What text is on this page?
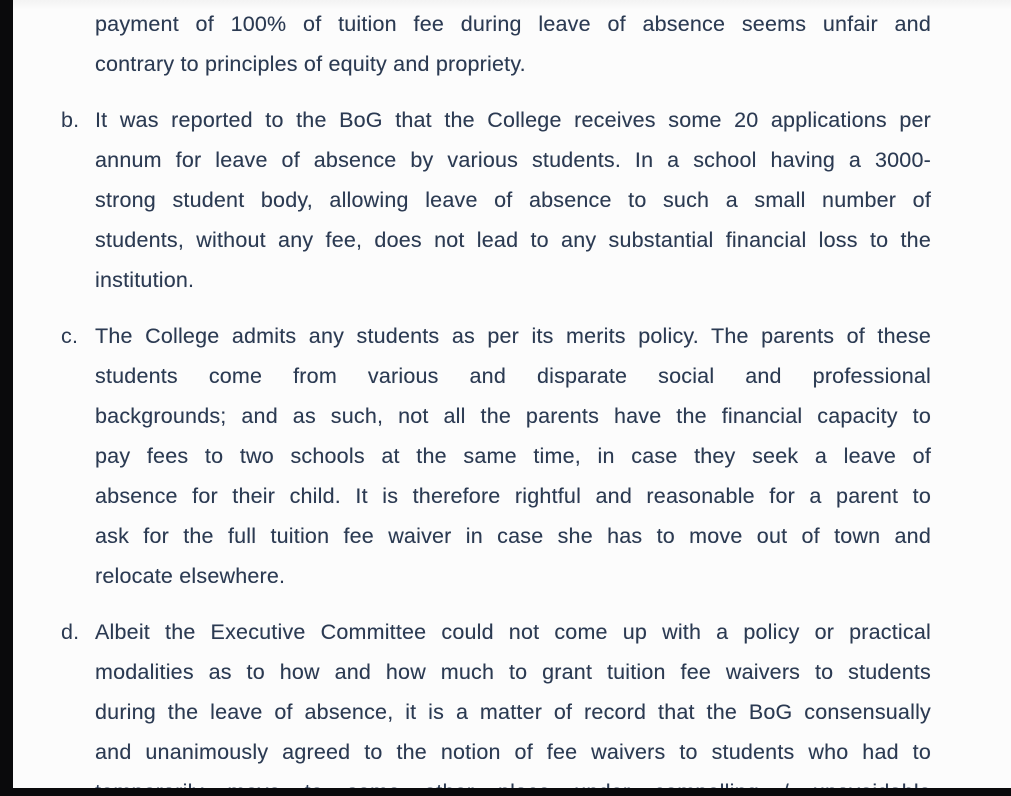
payment of 100% of tuition fee during leave of absence seems unfair and
contrary to principles of equity and propriety.
b. It was reported to the BoG that the College receives some 20 applications per
annum for leave of absence by various students. In a school having a 3000-
strong student body, allowing leave of absence to such a small number of
students, without any fee, does not lead to any substantial financial loss to the
institution.
c. The College admits any students as per its merits policy. The parents of these
students come from various and disparate social and professional
backgrounds; and as such, not all the parents have the financial capacity to
pay fees to two schools at the same time, in case they seek a leave of
absence for their child. It is therefore rightful and reasonable for a parent to
ask for the full tuition fee waiver in case she has to move out of town and
relocate elsewhere.
d. Albeit the Executive Committee could not come up with a policy or practical
modalities as to how and how much to grant tuition fee waivers to students
during the leave of absence, it is a matter of record that the BoG consensually
and unanimously agreed to the notion of fee waivers to students who had to
